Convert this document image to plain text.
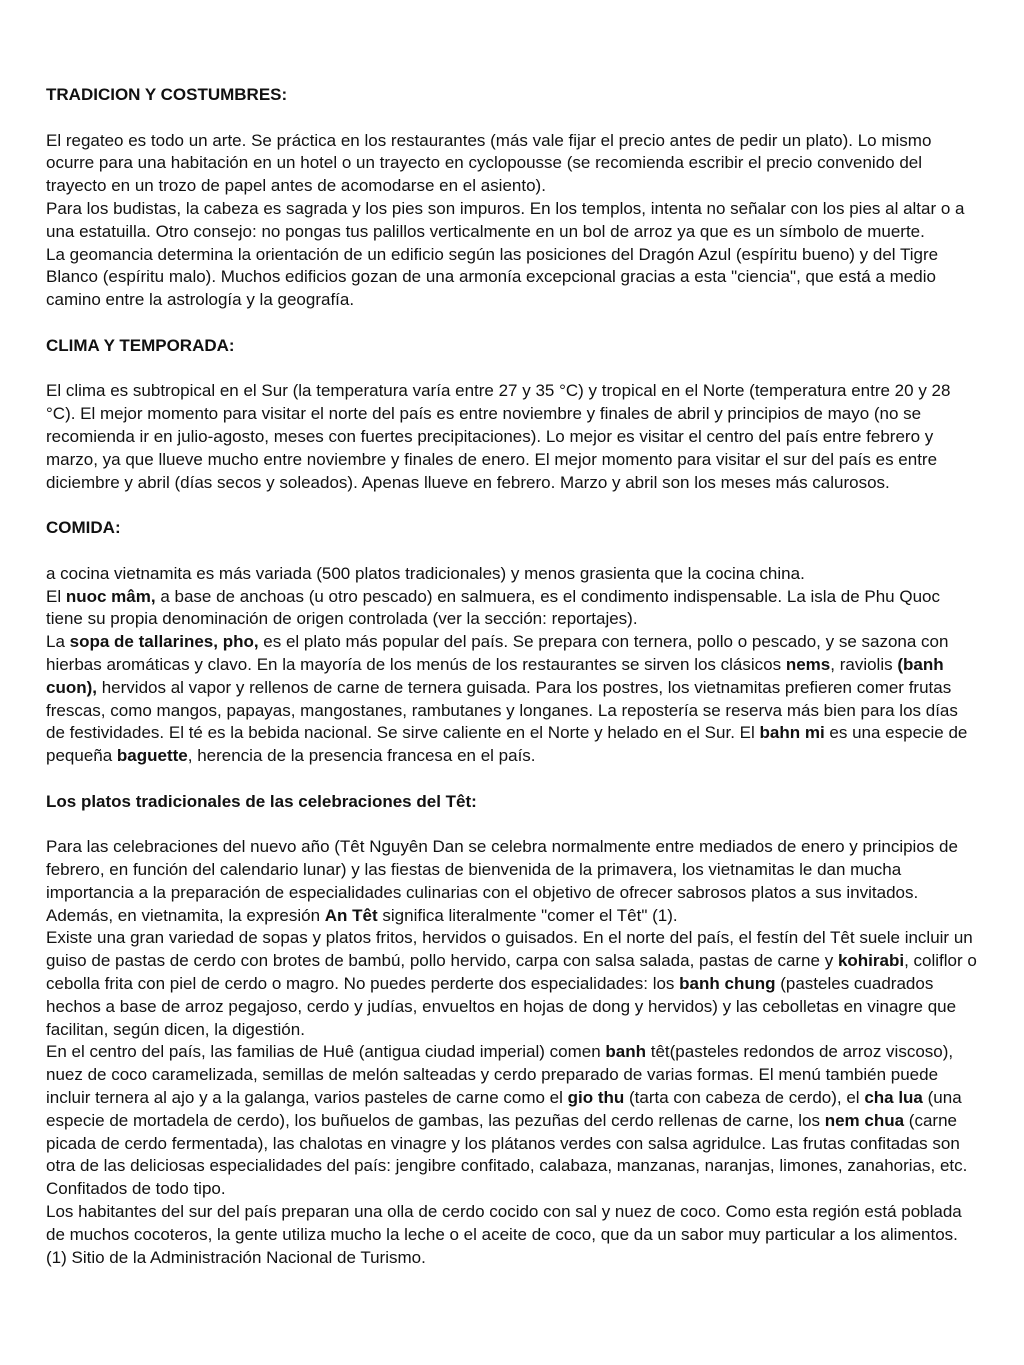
TRADICION Y COSTUMBRES:

El regateo es todo un arte. Se práctica en los restaurantes (más vale fijar el precio antes de pedir un plato). Lo mismo ocurre para una habitación en un hotel o un trayecto en cyclopousse (se recomienda escribir el precio convenido del trayecto en un trozo de papel antes de acomodarse en el asiento).

Para los budistas, la cabeza es sagrada y los pies son impuros. En los templos, intenta no señalar con los pies al altar o a una estatuilla. Otro consejo: no pongas tus palillos verticalmente en un bol de arroz ya que es un símbolo de muerte.

La geomancia determina la orientación de un edificio según las posiciones del Dragón Azul (espíritu bueno) y del Tigre Blanco (espíritu malo). Muchos edificios gozan de una armonía excepcional gracias a esta "ciencia", que está a medio camino entre la astrología y la geografía.

CLIMA Y TEMPORADA:

El clima es subtropical en el Sur (la temperatura varía entre 27 y 35 °C) y tropical en el Norte (temperatura entre 20 y 28 °C). El mejor momento para visitar el norte del país es entre noviembre y finales de abril y principios de mayo (no se recomienda ir en julio-agosto, meses con fuertes precipitaciones). Lo mejor es visitar el centro del país entre febrero y marzo, ya que llueve mucho entre noviembre y finales de enero. El mejor momento para visitar el sur del país es entre diciembre y abril (días secos y soleados). Apenas llueve en febrero. Marzo y abril son los meses más calurosos.

COMIDA:

a cocina vietnamita es más variada (500 platos tradicionales) y menos grasienta que la cocina china.

El nuoc mâm, a base de anchoas (u otro pescado) en salmuera, es el condimento indispensable. La isla de Phu Quoc tiene su propia denominación de origen controlada (ver la sección: reportajes).

La sopa de tallarines, pho, es el plato más popular del país. Se prepara con ternera, pollo o pescado, y se sazona con hierbas aromáticas y clavo. En la mayoría de los menús de los restaurantes se sirven los clásicos nems, raviolis (banh cuon), hervidos al vapor y rellenos de carne de ternera guisada. Para los postres, los vietnamitas prefieren comer frutas frescas, como mangos, papayas, mangostanes, rambutanes y longanes. La repostería se reserva más bien para los días de festividades. El té es la bebida nacional. Se sirve caliente en el Norte y helado en el Sur. El bahn mi es una especie de pequeña baguette, herencia de la presencia francesa en el país.

Los platos tradicionales de las celebraciones del Têt:

Para las celebraciones del nuevo año (Têt Nguyên Dan se celebra normalmente entre mediados de enero y principios de febrero, en función del calendario lunar) y las fiestas de bienvenida de la primavera, los vietnamitas le dan mucha importancia a la preparación de especialidades culinarias con el objetivo de ofrecer sabrosos platos a sus invitados. Además, en vietnamita, la expresión An Têt significa literalmente "comer el Têt" (1).

Existe una gran variedad de sopas y platos fritos, hervidos o guisados. En el norte del país, el festín del Têt suele incluir un guiso de pastas de cerdo con brotes de bambú, pollo hervido, carpa con salsa salada, pastas de carne y kohirabi, coliflor o cebolla frita con piel de cerdo o magro. No puedes perderte dos especialidades: los banh chung (pasteles cuadrados hechos a base de arroz pegajoso, cerdo y judías, envueltos en hojas de dong y hervidos) y las cebolletas en vinagre que facilitan, según dicen, la digestión.

En el centro del país, las familias de Huê (antigua ciudad imperial) comen banh têt(pasteles redondos de arroz viscoso), nuez de coco caramelizada, semillas de melón salteadas y cerdo preparado de varias formas. El menú también puede incluir ternera al ajo y a la galanga, varios pasteles de carne como el gio thu (tarta con cabeza de cerdo), el cha lua (una especie de mortadela de cerdo), los buñuelos de gambas, las pezuñas del cerdo rellenas de carne, los nem chua (carne picada de cerdo fermentada), las chalotas en vinagre y los plátanos verdes con salsa agridulce. Las frutas confitadas son otra de las deliciosas especialidades del país: jengibre confitado, calabaza, manzanas, naranjas, limones, zanahorias, etc. Confitados de todo tipo.

Los habitantes del sur del país preparan una olla de cerdo cocido con sal y nuez de coco. Como esta región está poblada de muchos cocoteros, la gente utiliza mucho la leche o el aceite de coco, que da un sabor muy particular a los alimentos. (1) Sitio de la Administración Nacional de Turismo.
